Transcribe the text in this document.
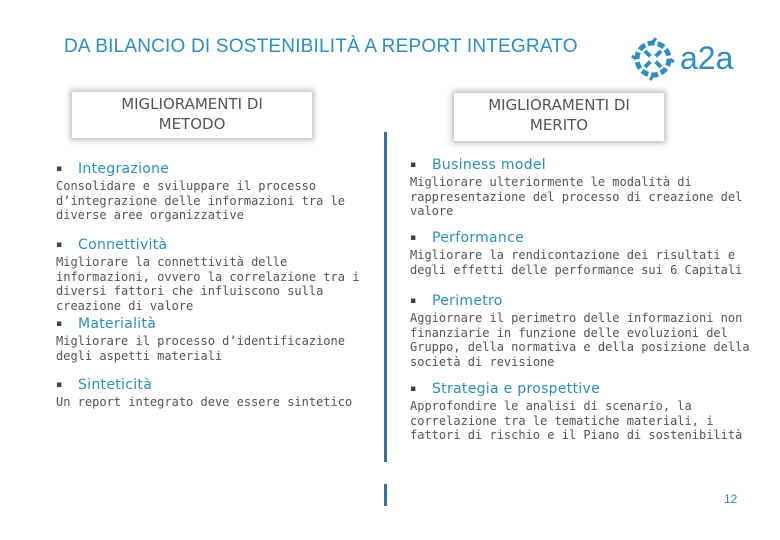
DA BILANCIO DI SOSTENIBILITÀ A REPORT INTEGRATO	a2a
MIGLIORAMENTI DI
METODO
MIGLIORAMENTI DI
MERITO
▪ Integrazione
Consolidare e sviluppare il processo d’integrazione delle informazioni tra le diverse aree organizzative
▪ Connettività
Migliorare la connettività delle informazioni, ovvero la correlazione tra i diversi fattori che influiscono sulla creazione di valore
▪ Materialità
Migliorare il processo d’identificazione degli aspetti materiali
▪ Sinteticità
Un report integrato deve essere sintetico
▪ Business model
Migliorare ulteriormente le modalità di rappresentazione del processo di creazione del valore
▪ Performance
Migliorare la rendicontazione dei risultati e degli effetti delle performance sui 6 Capitali
▪ Perimetro
Aggiornare il perimetro delle informazioni non finanziarie in funzione delle evoluzioni del Gruppo, della normativa e della posizione della società di revisione
▪ Strategia e prospettive
Approfondire le analisi di scenario, la correlazione tra le tematiche materiali, i fattori di rischio e il Piano di sostenibilità
12
